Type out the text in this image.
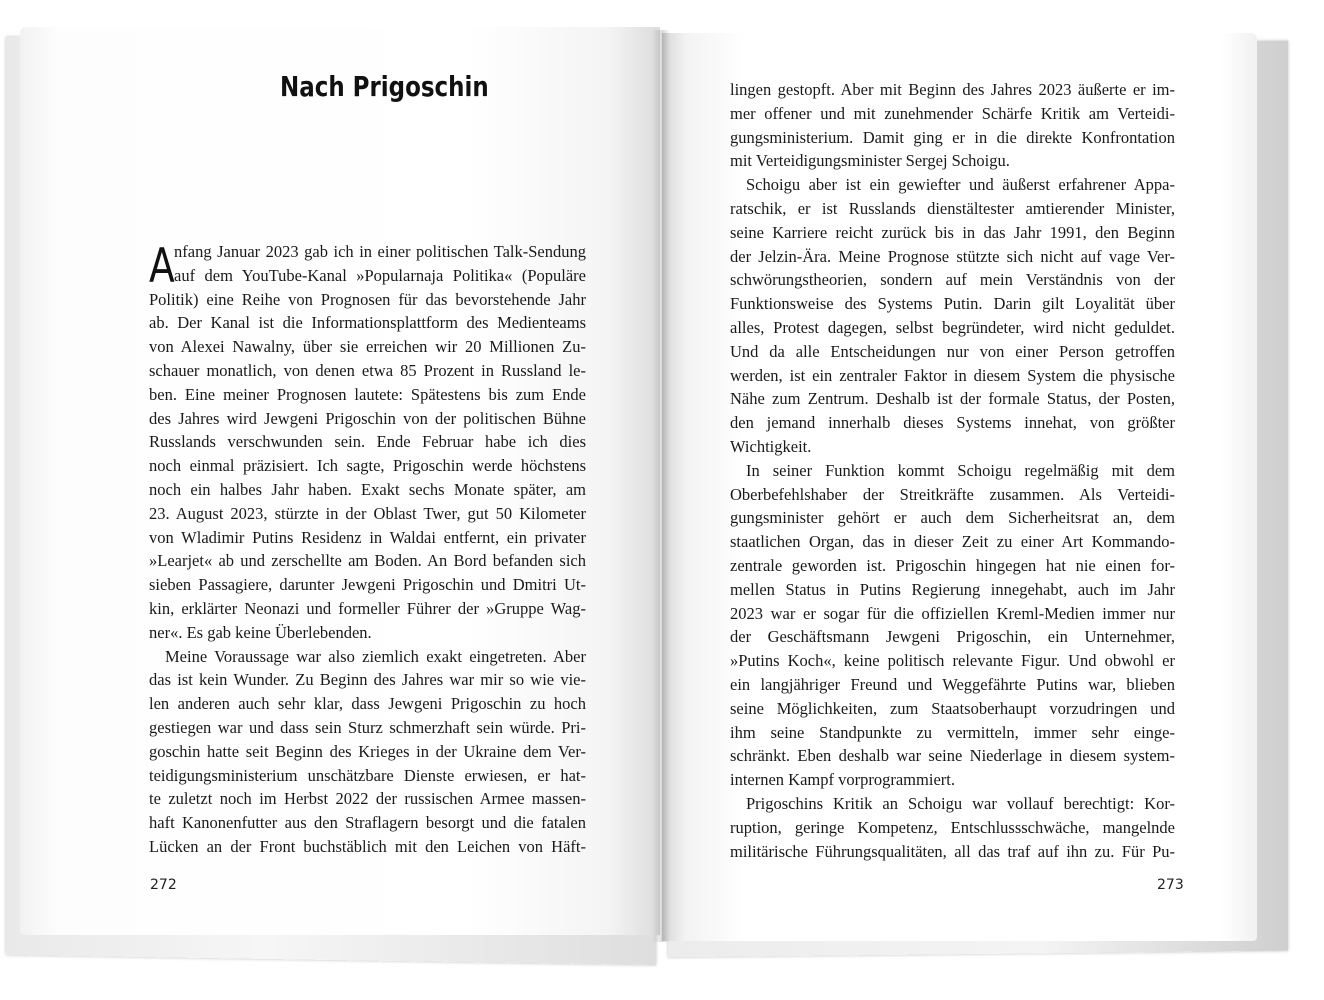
Nach Prigoschin
A nfang Januar 2023 gab ich in einer politischen Talk-Sendung
auf dem YouTube-Kanal »Popularnaja Politika« (Populäre
Politik) eine Reihe von Prognosen für das bevorstehende Jahr
ab. Der Kanal ist die Informationsplattform des Medienteams
von Alexei Nawalny, über sie erreichen wir 20 Millionen Zu-
schauer monatlich, von denen etwa 85 Prozent in Russland le-
ben. Eine meiner Prognosen lautete: Spätestens bis zum Ende
des Jahres wird Jewgeni Prigoschin von der politischen Bühne
Russlands verschwunden sein. Ende Februar habe ich dies
noch einmal präzisiert. Ich sagte, Prigoschin werde höchstens
noch ein halbes Jahr haben. Exakt sechs Monate später, am
23. August 2023, stürzte in der Oblast Twer, gut 50 Kilometer
von Wladimir Putins Residenz in Waldai entfernt, ein privater
»Learjet« ab und zerschellte am Boden. An Bord befanden sich
sieben Passagiere, darunter Jewgeni Prigoschin und Dmitri Ut-
kin, erklärter Neonazi und formeller Führer der »Gruppe Wag-
ner«. Es gab keine Überlebenden.
Meine Voraussage war also ziemlich exakt eingetreten. Aber
das ist kein Wunder. Zu Beginn des Jahres war mir so wie vie-
len anderen auch sehr klar, dass Jewgeni Prigoschin zu hoch
gestiegen war und dass sein Sturz schmerzhaft sein würde. Pri-
goschin hatte seit Beginn des Krieges in der Ukraine dem Ver-
teidigungsministerium unschätzbare Dienste erwiesen, er hat-
te zuletzt noch im Herbst 2022 der russischen Armee massen-
haft Kanonenfutter aus den Straflagern besorgt und die fatalen
Lücken an der Front buchstäblich mit den Leichen von Häft-
lingen gestopft. Aber mit Beginn des Jahres 2023 äußerte er im-
mer offener und mit zunehmender Schärfe Kritik am Verteidi-
gungsministerium. Damit ging er in die direkte Konfrontation
mit Verteidigungsminister Sergej Schoigu.
Schoigu aber ist ein gewiefter und äußerst erfahrener Appa-
ratschik, er ist Russlands dienstältester amtierender Minister,
seine Karriere reicht zurück bis in das Jahr 1991, den Beginn
der Jelzin-Ära. Meine Prognose stützte sich nicht auf vage Ver-
schwörungstheorien, sondern auf mein Verständnis von der
Funktionsweise des Systems Putin. Darin gilt Loyalität über
alles, Protest dagegen, selbst begründeter, wird nicht geduldet.
Und da alle Entscheidungen nur von einer Person getroffen
werden, ist ein zentraler Faktor in diesem System die physische
Nähe zum Zentrum. Deshalb ist der formale Status, der Posten,
den jemand innerhalb dieses Systems innehat, von größter
Wichtigkeit.
In seiner Funktion kommt Schoigu regelmäßig mit dem
Oberbefehlshaber der Streitkräfte zusammen. Als Verteidi-
gungsminister gehört er auch dem Sicherheitsrat an, dem
staatlichen Organ, das in dieser Zeit zu einer Art Kommando-
zentrale geworden ist. Prigoschin hingegen hat nie einen for-
mellen Status in Putins Regierung innegehabt, auch im Jahr
2023 war er sogar für die offiziellen Kreml-Medien immer nur
der Geschäftsmann Jewgeni Prigoschin, ein Unternehmer,
»Putins Koch«, keine politisch relevante Figur. Und obwohl er
ein langjähriger Freund und Weggefährte Putins war, blieben
seine Möglichkeiten, zum Staatsoberhaupt vorzudringen und
ihm seine Standpunkte zu vermitteln, immer sehr einge-
schränkt. Eben deshalb war seine Niederlage in diesem system-
internen Kampf vorprogrammiert.
Prigoschins Kritik an Schoigu war vollauf berechtigt: Kor-
ruption, geringe Kompetenz, Entschlussschwäche, mangelnde
militärische Führungsqualitäten, all das traf auf ihn zu. Für Pu-
272	273
